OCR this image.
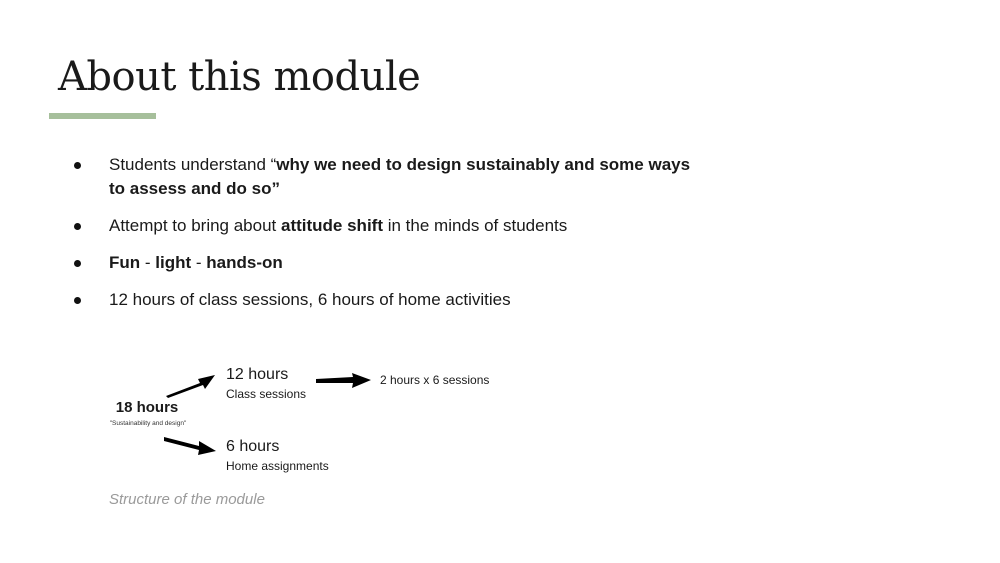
About this module
Students understand “why we need to design sustainably and some ways to assess and do so”
Attempt to bring about attitude shift in the minds of students
Fun - light - hands-on
12 hours of class sessions, 6 hours of home activities
18 hours
"Sustainability and design"
12 hours
Class sessions
2 hours x 6 sessions
6 hours
Home assignments
Structure of the module
